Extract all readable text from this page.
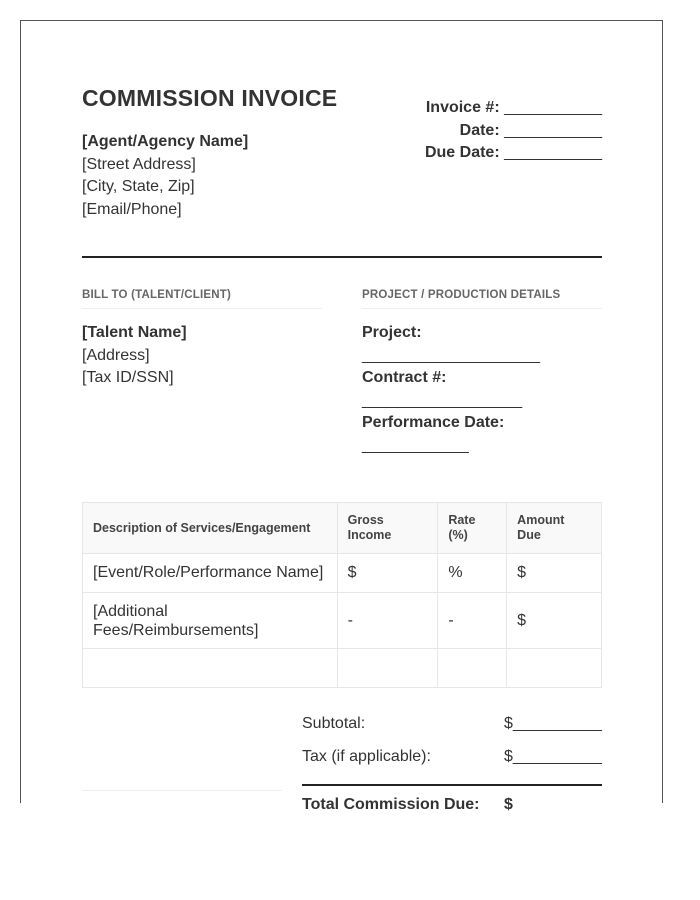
COMMISSION INVOICE
[Agent/Agency Name]
[Street Address]
[City, State, Zip]
[Email/Phone]
Invoice #: ___________
Date: ___________
Due Date: ___________
BILL TO (TALENT/CLIENT)	PROJECT / PRODUCTION DETAILS
[Talent Name]
[Address]
[Tax ID/SSN]
Project:
____________________
Contract #:
__________________
Performance Date:
____________
Description of Services/Engagement	Gross Income	Rate (%)	Amount Due
[Event/Role/Performance Name]	$	%	$
[Additional Fees/Reimbursements]	-	-	$

Subtotal:	$__________
Tax (if applicable):	$__________
Total Commission Due: $
